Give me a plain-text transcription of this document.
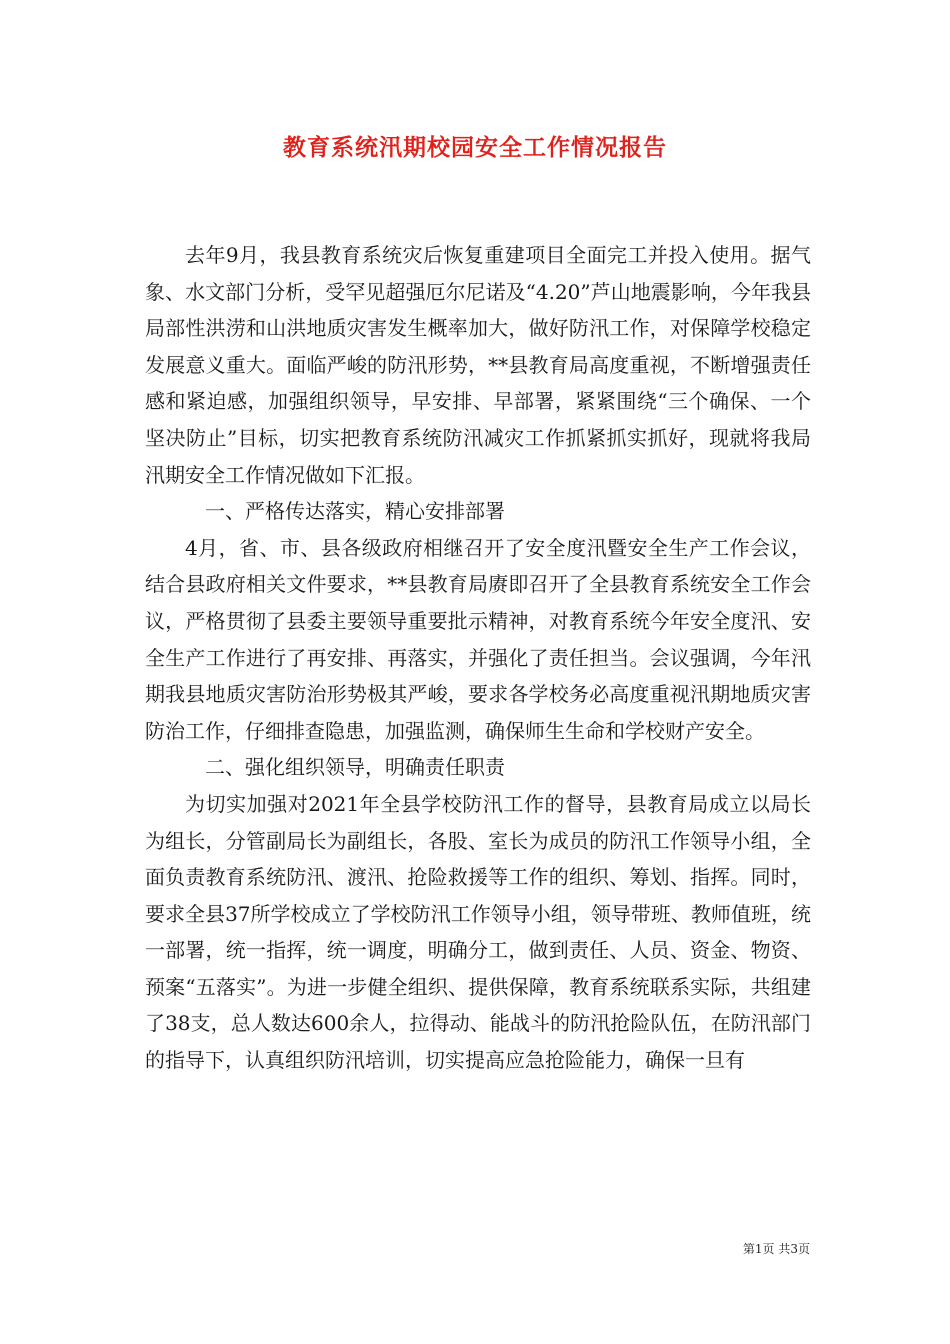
教育系统汛期校园安全工作情况报告

去年9月，我县教育系统灾后恢复重建项目全面完工并投入使用。据气象、水文部门分析，受罕见超强厄尔尼诺及“4.20”芦山地震影响，今年我县局部性洪涝和山洪地质灾害发生概率加大，做好防汛工作，对保障学校稳定发展意义重大。面临严峻的防汛形势，**县教育局高度重视，不断增强责任感和紧迫感，加强组织领导，早安排、早部署，紧紧围绕“三个确保、一个坚决防止”目标，切实把教育系统防汛减灾工作抓紧抓实抓好，现就将我局汛期安全工作情况做如下汇报。

一、严格传达落实，精心安排部署

4月，省、市、县各级政府相继召开了安全度汛暨安全生产工作会议，结合县政府相关文件要求，**县教育局赓即召开了全县教育系统安全工作会议，严格贯彻了县委主要领导重要批示精神，对教育系统今年安全度汛、安全生产工作进行了再安排、再落实，并强化了责任担当。会议强调，今年汛期我县地质灾害防治形势极其严峻，要求各学校务必高度重视汛期地质灾害防治工作，仔细排查隐患，加强监测，确保师生生命和学校财产安全。

二、强化组织领导，明确责任职责

为切实加强对2021年全县学校防汛工作的督导，县教育局成立以局长为组长，分管副局长为副组长，各股、室长为成员的防汛工作领导小组，全面负责教育系统防汛、渡汛、抢险救援等工作的组织、筹划、指挥。同时，要求全县37所学校成立了学校防汛工作领导小组，领导带班、教师值班，统一部署，统一指挥，统一调度，明确分工，做到责任、人员、资金、物资、预案“五落实”。为进一步健全组织、提供保障，教育系统联系实际，共组建了38支，总人数达600余人，拉得动、能战斗的防汛抢险队伍，在防汛部门的指导下，认真组织防汛培训，切实提高应急抢险能力，确保一旦有

第1页 共3页
